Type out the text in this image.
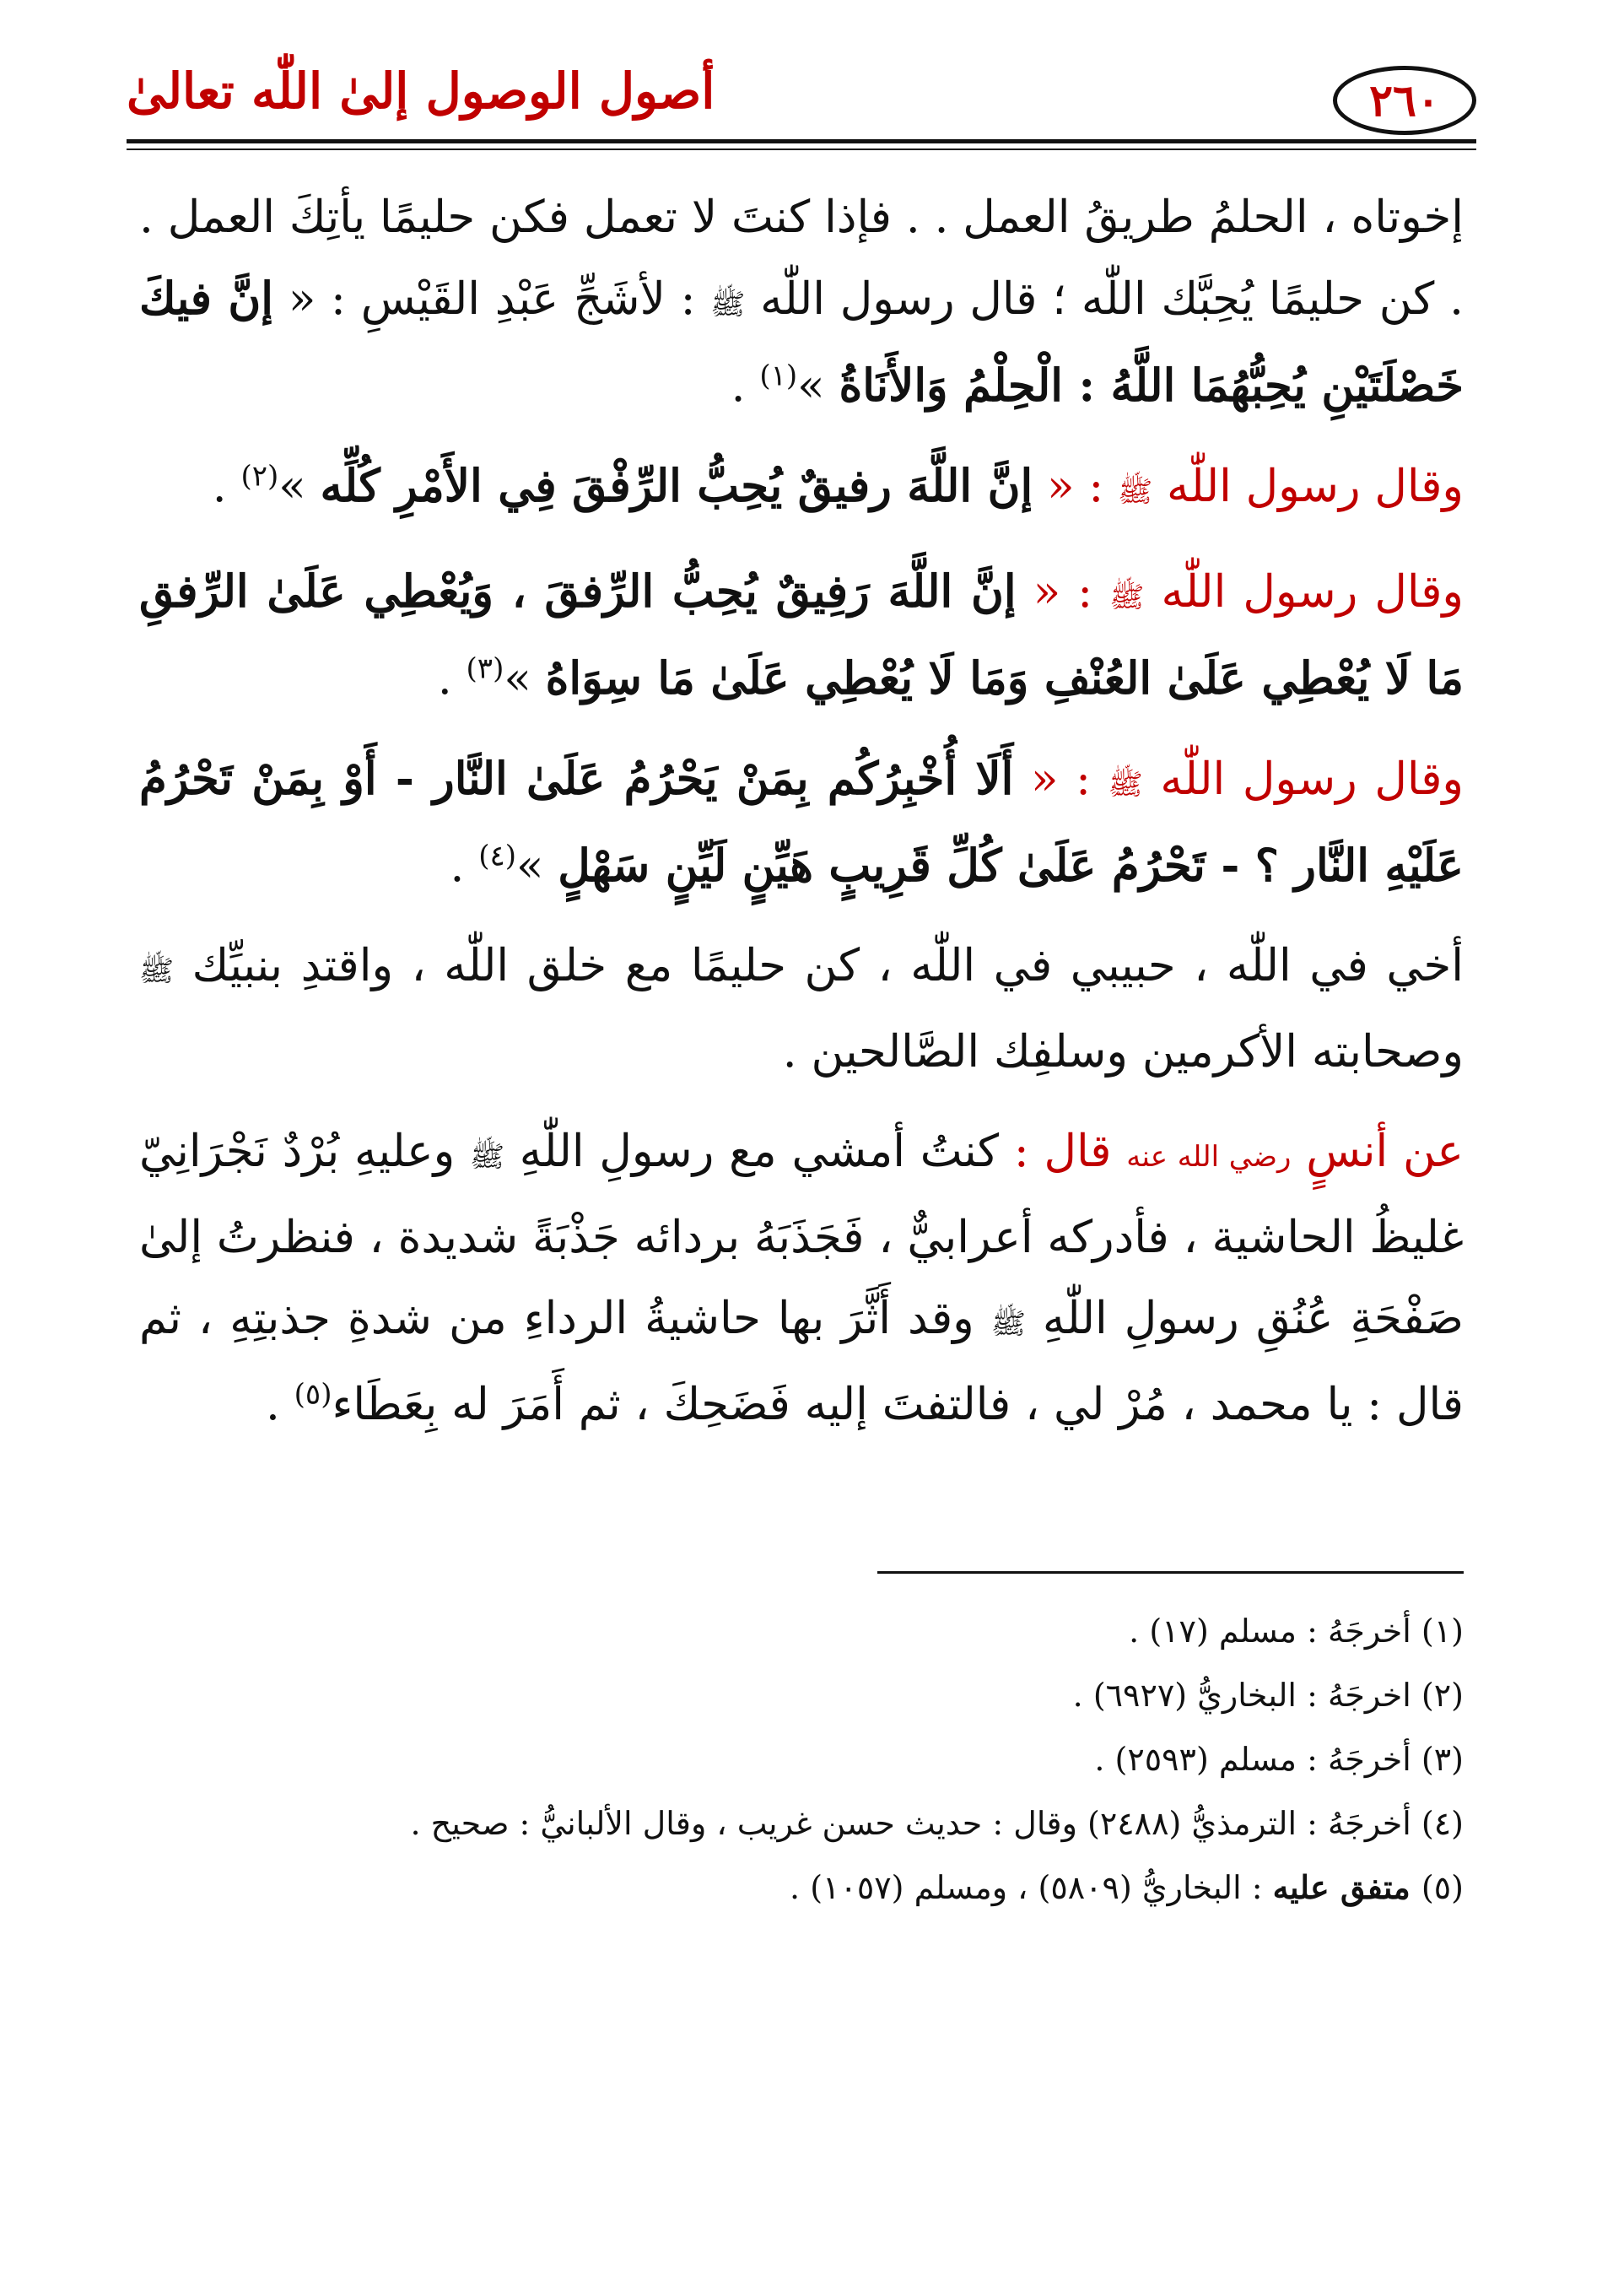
٢٦٠
أصول الوصول إلىٰ اللّٰه تعالىٰ

إخوتاه ، الحلمُ طريقُ العمل . . فإذا كنتَ لا تعمل فكن حليمًا يأتِكَ العمل . . كن حليمًا يُحِبَّك اللّٰه ؛ قال رسول اللّٰه ﷺ : لأشَجِّ عَبْدِ القَيْسِ : « إنَّ فيكَ خَصْلَتَيْنِ يُحِبُّهُمَا اللَّهُ : الْحِلْمُ وَالأَنَاةُ »$^{(١)}$ .

وقال رسول اللّٰه ﷺ : « إنَّ اللَّهَ رفيقٌ يُحِبُّ الرِّفْقَ فِي الأَمْرِ كُلِّه »$^{(٢)}$ .

وقال رسول اللّٰه ﷺ : « إنَّ اللَّهَ رَفِيقٌ يُحِبُّ الرِّفقَ ، وَيُعْطِي عَلَىٰ الرِّفقِ مَا لَا يُعْطِي عَلَىٰ العُنْفِ وَمَا لَا يُعْطِي عَلَىٰ مَا سِوَاهُ »$^{(٣)}$ .

وقال رسول اللّٰه ﷺ : « أَلَا أُخْبِرُكُم بِمَنْ يَحْرُمُ عَلَىٰ النَّار - أَوْ بِمَنْ تَحْرُمُ عَلَيْهِ النَّار ؟ - تَحْرُمُ عَلَىٰ كُلِّ قَرِيبٍ هَيِّنٍ لَيِّنٍ سَهْلٍ »$^{(٤)}$ .

أخي في اللّٰه ، حبيبي في اللّٰه ، كن حليمًا مع خلق اللّٰه ، واقتدِ بنبيِّك ﷺ وصحابته الأكرمين وسلفِك الصَّالحين .

عن أنسٍ رضي الله عنه قال : كنتُ أمشي مع رسولِ اللّٰهِ ﷺ وعليهِ بُرْدٌ نَجْرَانِيّ غليظُ الحاشية ، فأدركه أعرابيٌّ ، فَجَذَبَهُ بردائه جَذْبَةً شديدة ، فنظرتُ إلىٰ صَفْحَةِ عُنُقِ رسولِ اللّٰهِ ﷺ وقد أَثَّرَ بها حاشيةُ الرداءِ من شدةِ جذبتِهِ ، ثم قال : يا محمد ، مُرْ لي ، فالتفتَ إليه فَضَحِكَ ، ثم أَمَرَ له بِعَطَاء$^{(٥)}$ .

(١) أخرجَهُ : مسلم (١٧) .

(٢) اخرجَهُ : البخاريُّ (٦٩٢٧) .

(٣) أخرجَهُ : مسلم (٢٥٩٣) .

(٤) أخرجَهُ : الترمذيُّ (٢٤٨٨) وقال : حديث حسن غريب ، وقال الألبانيُّ : صحيح .

(٥) متفق عليه : البخاريُّ (٥٨٠٩) ، ومسلم (١٠٥٧) .
